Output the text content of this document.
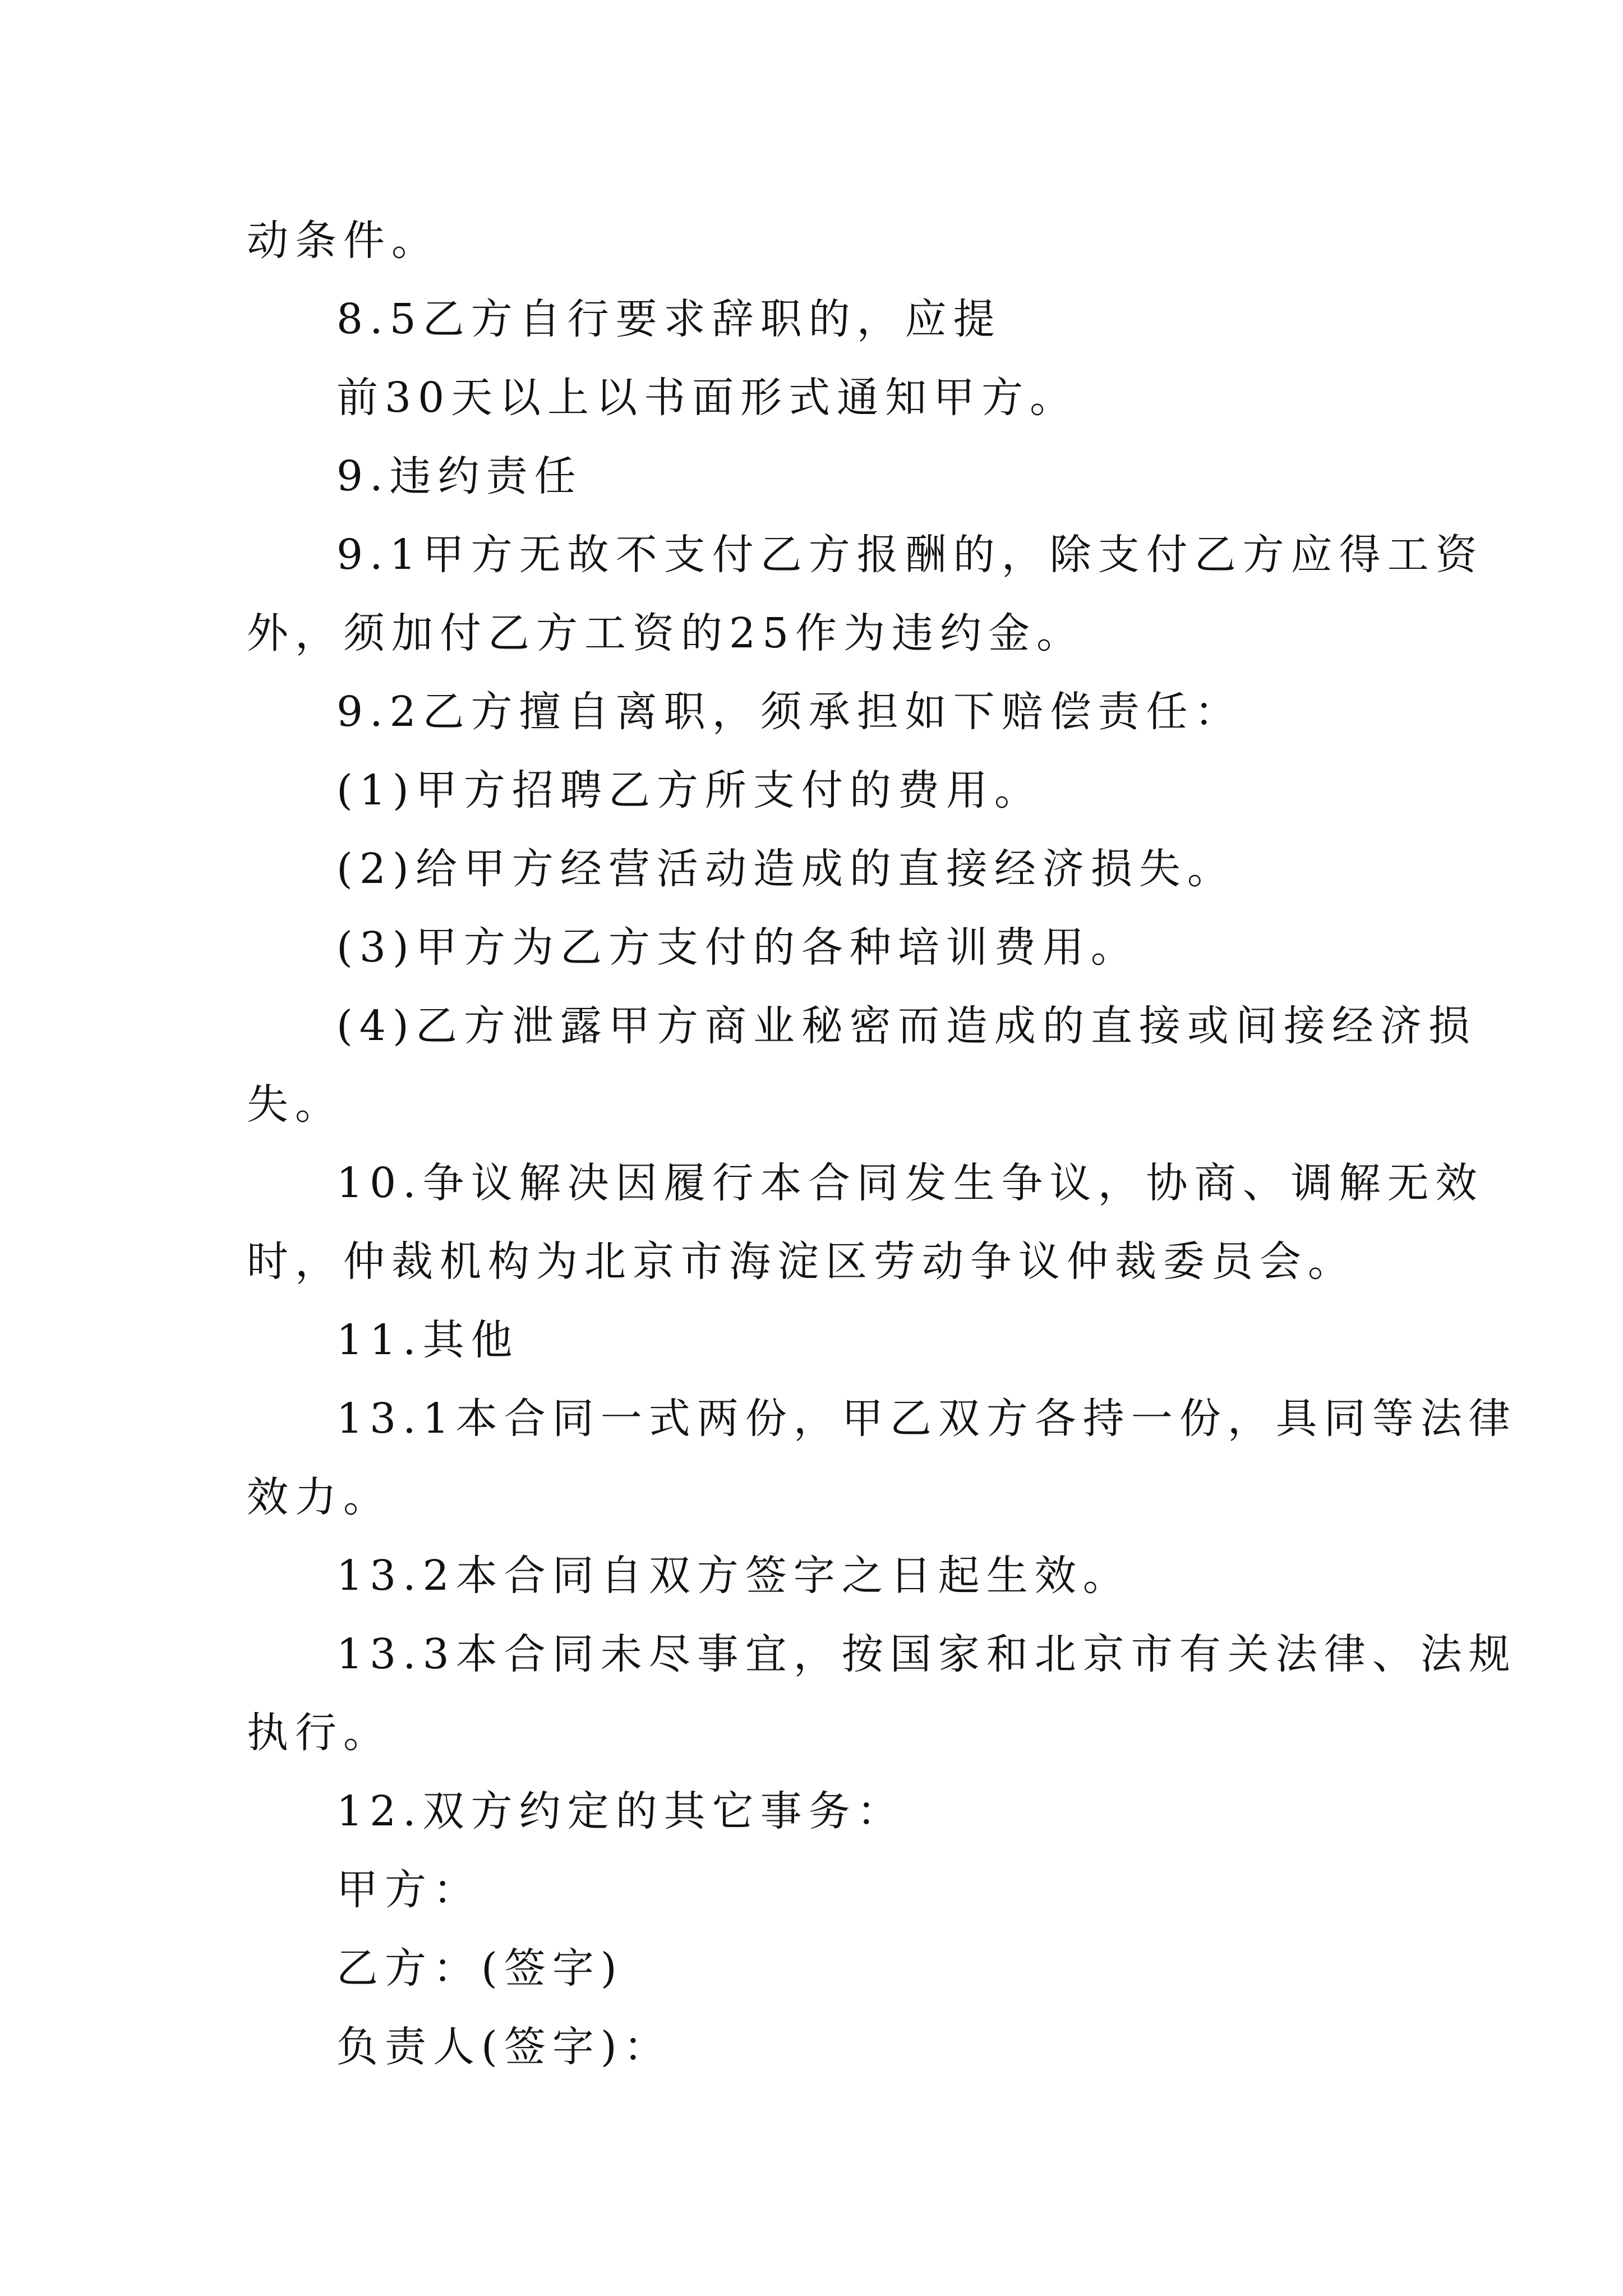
动条件。
8.5乙方自行要求辞职的，应提
前30天以上以书面形式通知甲方。
9.违约责任
9.1甲方无故不支付乙方报酬的，除支付乙方应得工资
外，须加付乙方工资的25作为违约金。
9.2乙方擅自离职，须承担如下赔偿责任：
(1)甲方招聘乙方所支付的费用。
(2)给甲方经营活动造成的直接经济损失。
(3)甲方为乙方支付的各种培训费用。
(4)乙方泄露甲方商业秘密而造成的直接或间接经济损
失。
10.争议解决因履行本合同发生争议，协商、调解无效
时，仲裁机构为北京市海淀区劳动争议仲裁委员会。
11.其他
13.1本合同一式两份，甲乙双方各持一份，具同等法律
效力。
13.2本合同自双方签字之日起生效。
13.3本合同未尽事宜，按国家和北京市有关法律、法规
执行。
12.双方约定的其它事务：
甲方：
乙方：(签字)
负责人(签字)：
